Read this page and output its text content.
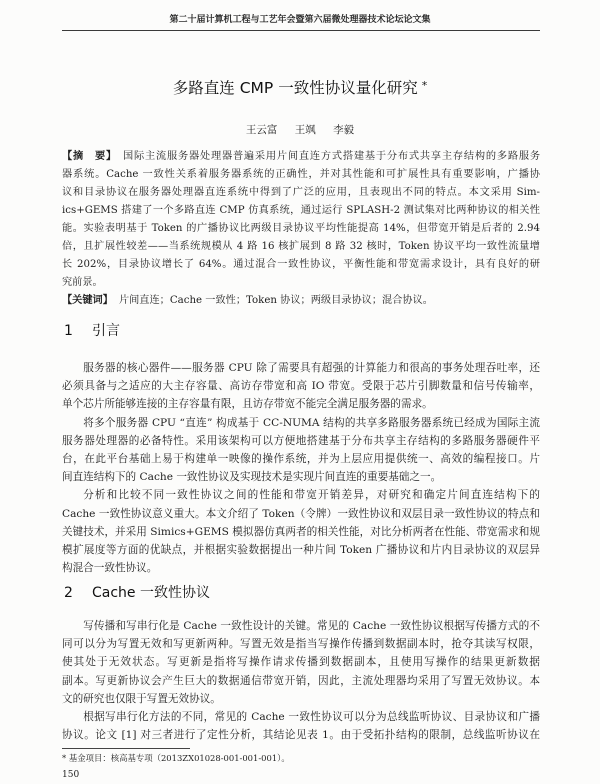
第二十届计算机工程与工艺年会暨第六届微处理器技术论坛论文集
多路直连 CMP 一致性协议量化研究 *
王云富 王飒 李毅
【摘　要】 国际主流服务器处理器普遍采用片间直连方式搭建基于分布式共享主存结构的多路服务
器系统。Cache 一致性关系着服务器系统的正确性，并对其性能和可扩展性具有重要影响，广播协
议和目录协议在服务器处理器直连系统中得到了广泛的应用，且表现出不同的特点。本文采用 Sim-
ics+GEMS 搭建了一个多路直连 CMP 仿真系统，通过运行 SPLASH-2 测试集对比两种协议的相关性
能。实验表明基于 Token 的广播协议比两级目录协议平均性能提高 14%，但带宽开销是后者的 2.94
倍，且扩展性较差——当系统规模从 4 路 16 核扩展到 8 路 32 核时，Token 协议平均一致性流量增
长 202%，目录协议增长了 64%。通过混合一致性协议，平衡性能和带宽需求设计，具有良好的研
究前景。
【关键词】 片间直连；Cache 一致性；Token 协议；两级目录协议；混合协议。
1 引言
服务器的核心器件——服务器 CPU 除了需要具有超强的计算能力和很高的事务处理吞吐率，还
必须具备与之适应的大主存容量、高访存带宽和高 IO 带宽。受限于芯片引脚数量和信号传输率，
单个芯片所能够连接的主存容量有限，且访存带宽不能完全满足服务器的需求。
将多个服务器 CPU “直连” 构成基于 CC-NUMA 结构的共享多路服务器系统已经成为国际主流
服务器处理器的必备特性。采用该架构可以方便地搭建基于分布共享主存结构的多路服务器硬件平
台，在此平台基础上易于构建单一映像的操作系统，并为上层应用提供统一、高效的编程接口。片
间直连结构下的 Cache 一致性协议及实现技术是实现片间直连的重要基础之一。
分析和比较不同一致性协议之间的性能和带宽开销差异，对研究和确定片间直连结构下的
Cache 一致性协议意义重大。本文介绍了 Token（令牌）一致性协议和双层目录一致性协议的特点和
关键技术，并采用 Simics+GEMS 模拟器仿真两者的相关性能，对比分析两者在性能、带宽需求和规
模扩展度等方面的优缺点，并根据实验数据提出一种片间 Token 广播协议和片内目录协议的双层异
构混合一致性协议。
2 Cache 一致性协议
写传播和写串行化是 Cache 一致性设计的关键。常见的 Cache 一致性协议根据写传播方式的不
同可以分为写置无效和写更新两种。写置无效是指当写操作传播到数据副本时，抢夺其读写权限，
使其处于无效状态。写更新是指将写操作请求传播到数据副本，且使用写操作的结果更新数据
副本。写更新协议会产生巨大的数据通信带宽开销，因此，主流处理器均采用了写置无效协议。本
文的研究也仅限于写置无效协议。
根据写串行化方法的不同，常见的 Cache 一致性协议可以分为总线监听协议、目录协议和广播
协议。论文 [1] 对三者进行了定性分析，其结论见表 1。由于受拓扑结构的限制，总线监听协议在
* 基金项目：核高基专项（2013ZX01028-001-001-001）。
150
